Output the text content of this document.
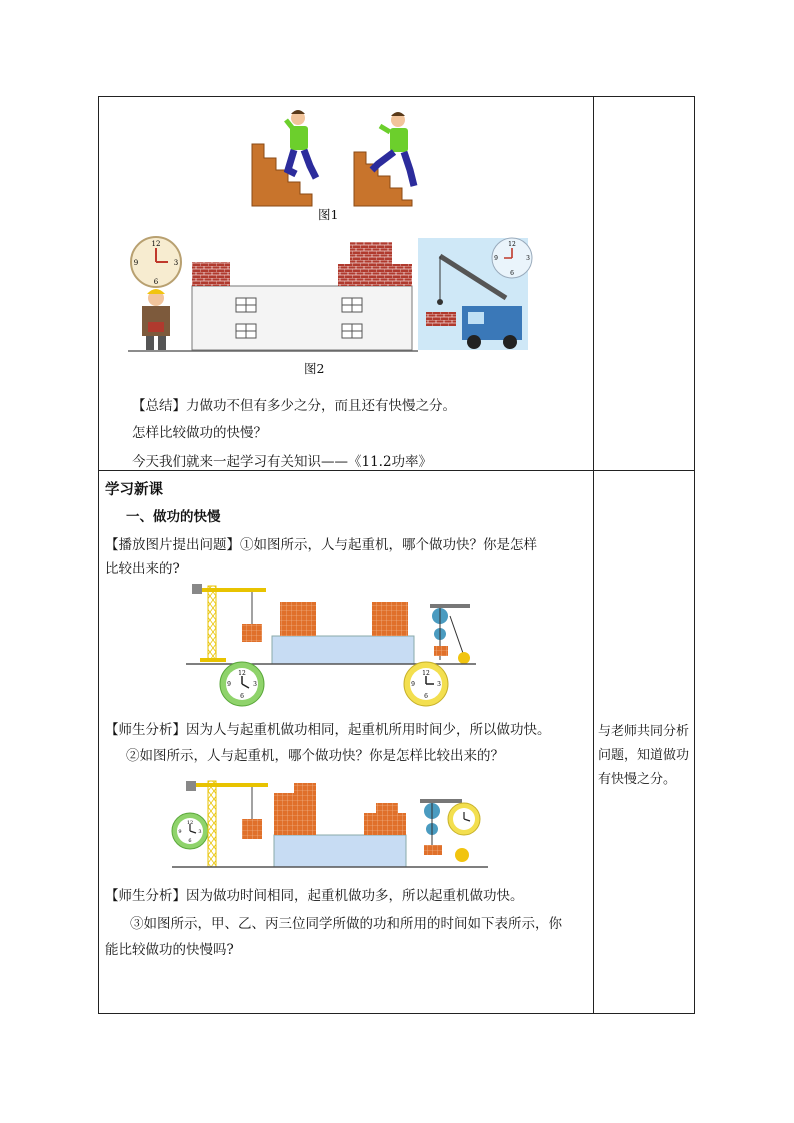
图1
12
3
6
9
12
3
6
9
图2
【总结】力做功不但有多少之分，而且还有快慢之分。
怎样比较做功的快慢？
今天我们就来一起学习有关知识——《11.2功率》
学习新课
一、做功的快慢
【播放图片提出问题】①如图所示，人与起重机，哪个做功快？你是怎样
比较出来的?
12
3
6
9
12
3
6
9
【师生分析】因为人与起重机做功相同，起重机所用时间少，所以做功快。
②如图所示，人与起重机，哪个做功快？你是怎样比较出来的？
12
3
6
9
【师生分析】因为做功时间相同，起重机做功多，所以起重机做功快。
③如图所示，甲、乙、丙三位同学所做的功和所用的时间如下表所示，你
能比较做功的快慢吗?
与老师共同分析
问题，知道做功
有快慢之分。
